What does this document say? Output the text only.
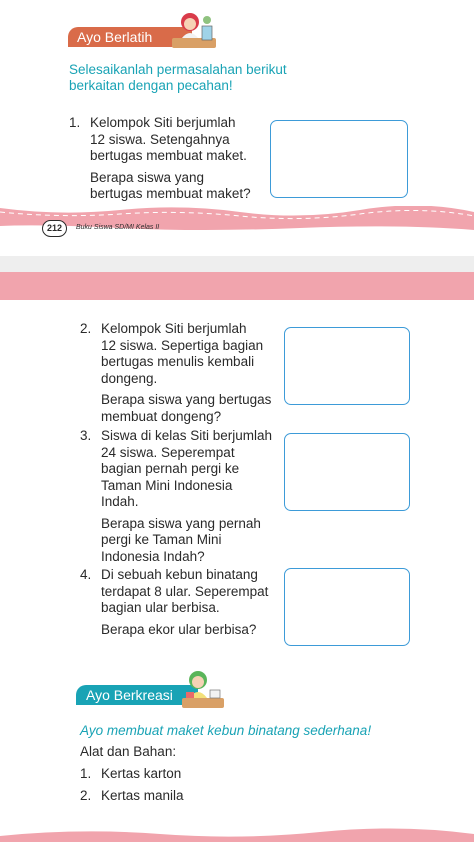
Ayo Berlatih
Selesaikanlah permasalahan berikut berkaitan dengan pecahan!
1. Kelompok Siti berjumlah
12 siswa. Setengahnya
bertugas membuat maket.
Berapa siswa yang
bertugas membuat maket?
212	Buku Siswa SD/MI Kelas II
2. Kelompok Siti berjumlah
12 siswa. Sepertiga bagian
bertugas menulis kembali
dongeng.
Berapa siswa yang bertugas
membuat dongeng?
3. Siswa di kelas Siti berjumlah
24 siswa. Seperempat
bagian pernah pergi ke
Taman Mini Indonesia
Indah.
Berapa siswa yang pernah
pergi ke Taman Mini
Indonesia Indah?
4. Di sebuah kebun binatang
terdapat 8 ular. Seperempat
bagian ular berbisa.
Berapa ekor ular berbisa?
Ayo Berkreasi
Ayo membuat maket kebun binatang sederhana!
Alat dan Bahan:
1. Kertas karton
2. Kertas manila
